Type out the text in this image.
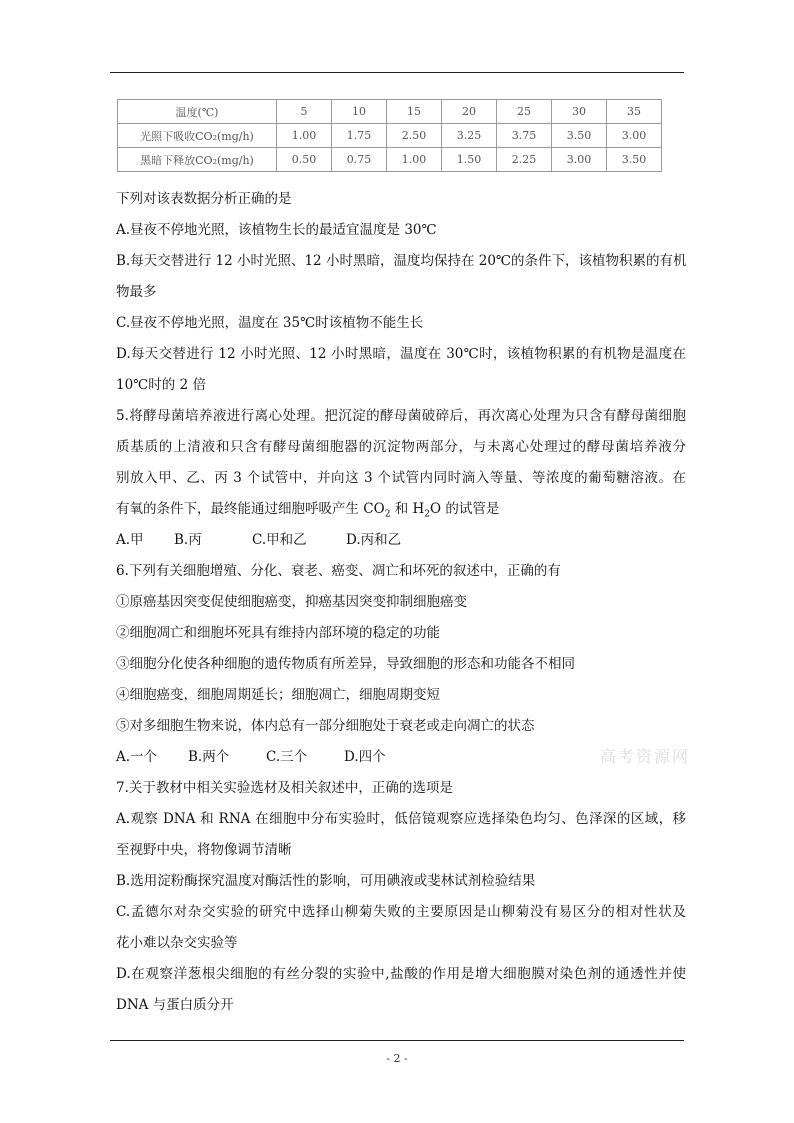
温度(℃)	5	10	15	20	25	30	35
光照下吸收CO₂(mg/h)	1.00	1.75	2.50	3.25	3.75	3.50	3.00
黑暗下释放CO₂(mg/h)	0.50	0.75	1.00	1.50	2.25	3.00	3.50
下列对该表数据分析正确的是
A.昼夜不停地光照，该植物生长的最适宜温度是 30℃
B.每天交替进行 12 小时光照、12 小时黑暗，温度均保持在 20℃的条件下，该植物积累的有机
物最多
C.昼夜不停地光照，温度在 35℃时该植物不能生长
D.每天交替进行 12 小时光照、12 小时黑暗，温度在 30℃时，该植物积累的有机物是温度在
10℃时的 2 倍
5.将酵母菌培养液进行离心处理。把沉淀的酵母菌破碎后，再次离心处理为只含有酵母菌细胞
质基质的上清液和只含有酵母菌细胞器的沉淀物两部分，与未离心处理过的酵母菌培养液分
别放入甲、乙、丙 3 个试管中，并向这 3 个试管内同时滴入等量、等浓度的葡萄糖溶液。在
有氧的条件下，最终能通过细胞呼吸产生 $CO_2$ 和 $H_2O$ 的试管是
A.甲 B.丙	C.甲和乙	D.丙和乙
6.下列有关细胞增殖、分化、衰老、癌变、凋亡和坏死的叙述中，正确的有
①原癌基因突变促使细胞癌变，抑癌基因突变抑制细胞癌变
②细胞凋亡和细胞坏死具有维持内部环境的稳定的功能
③细胞分化使各种细胞的遗传物质有所差异，导致细胞的形态和功能各不相同
④细胞癌变，细胞周期延长；细胞凋亡，细胞周期变短
⑤对多细胞生物来说，体内总有一部分细胞处于衰老或走向凋亡的状态
A.一个 B.两个	C.三个	D.四个
7.关于教材中相关实验选材及相关叙述中，正确的选项是
A.观察 DNA 和 RNA 在细胞中分布实验时，低倍镜观察应选择染色均匀、色泽深的区域，移
至视野中央，将物像调节清晰
B.选用淀粉酶探究温度对酶活性的影响，可用碘液或斐林试剂检验结果
C.孟德尔对杂交实验的研究中选择山柳菊失败的主要原因是山柳菊没有易区分的相对性状及
花小难以杂交实验等
D.在观察洋葱根尖细胞的有丝分裂的实验中,盐酸的作用是增大细胞膜对染色剂的通透性并使
DNA 与蛋白质分开
高考资源网
- 2 -
